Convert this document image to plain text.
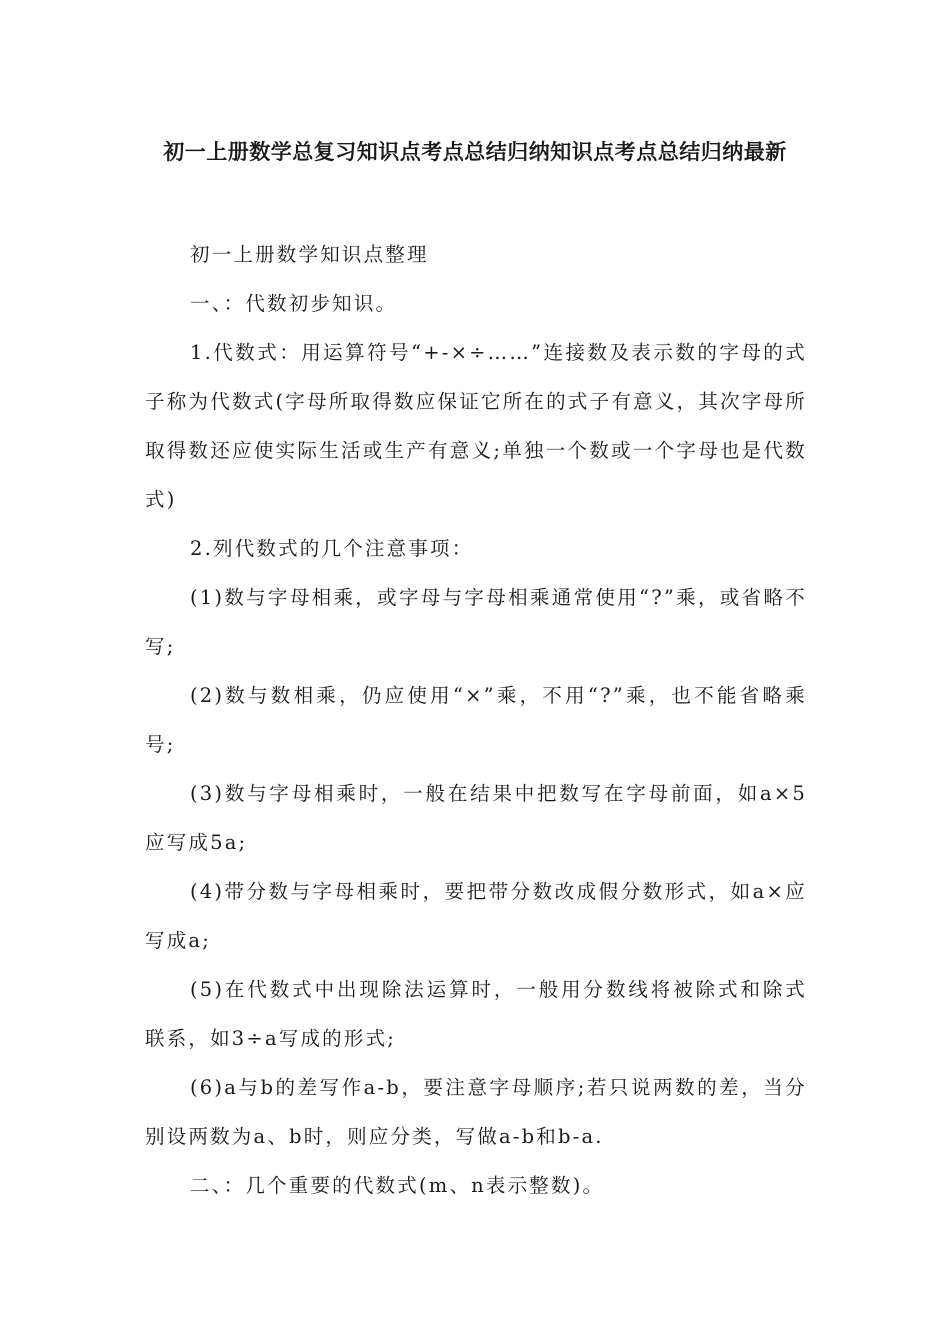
初一上册数学总复习知识点考点总结归纳知识点考点总结归纳最新

初一上册数学知识点整理

一、：代数初步知识。

1.代数式：用运算符号“+-×÷……”连接数及表示数的字母的式子称为代数式(字母所取得数应保证它所在的式子有意义，其次字母所取得数还应使实际生活或生产有意义;单独一个数或一个字母也是代数式)

2.列代数式的几个注意事项：

(1)数与字母相乘，或字母与字母相乘通常使用“?”乘，或省略不写;

(2)数与数相乘，仍应使用“×”乘，不用“?”乘，也不能省略乘号;

(3)数与字母相乘时，一般在结果中把数写在字母前面，如a×5应写成5a;

(4)带分数与字母相乘时，要把带分数改成假分数形式，如a×应写成a;

(5)在代数式中出现除法运算时，一般用分数线将被除式和除式联系，如3÷a写成的形式;

(6)a与b的差写作a-b，要注意字母顺序;若只说两数的差，当分别设两数为a、b时，则应分类，写做a-b和b-a.

二、：几个重要的代数式(m、n表示整数)。
